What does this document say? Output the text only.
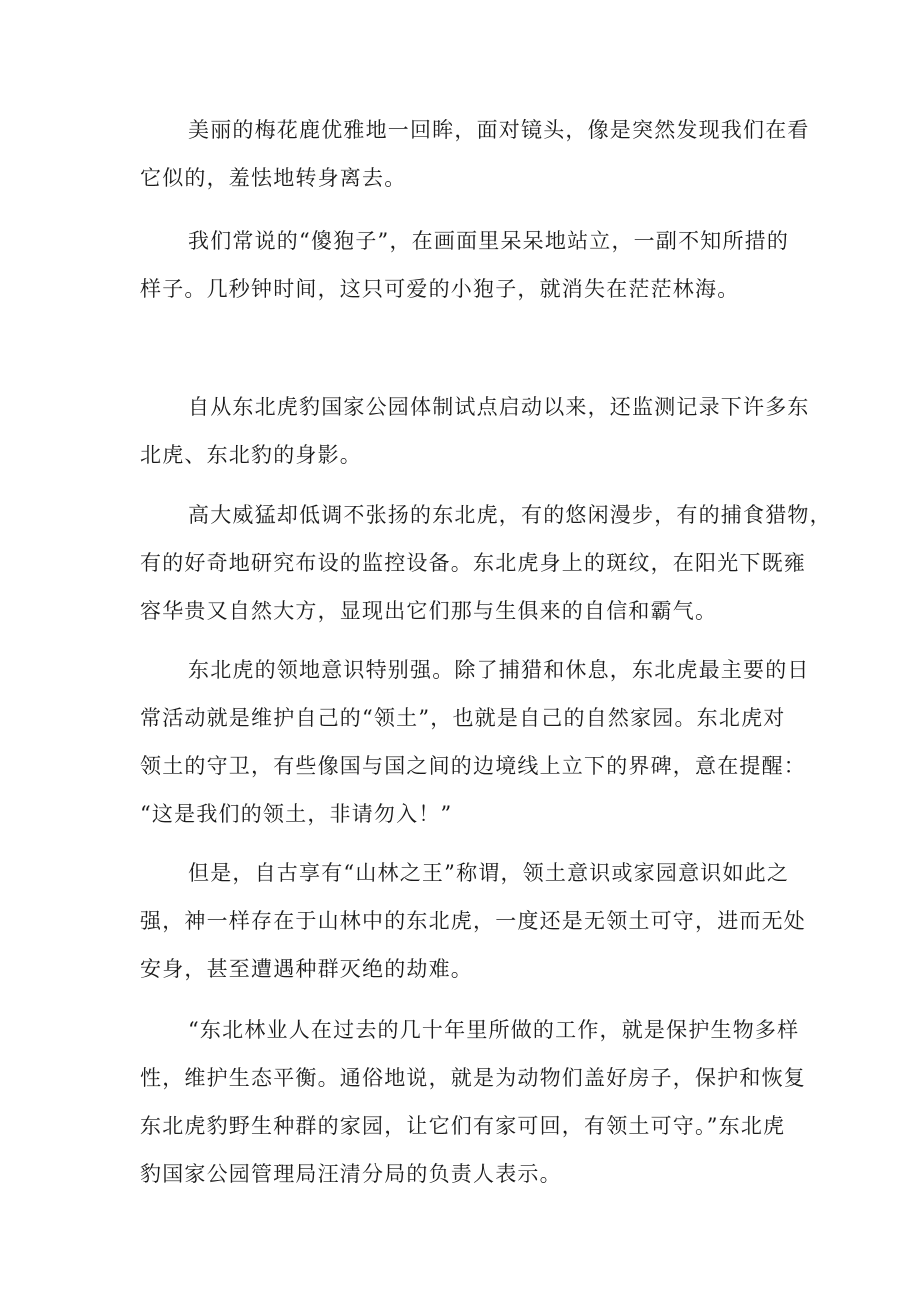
美丽的梅花鹿优雅地一回眸，面对镜头，像是突然发现我们在看
它似的，羞怯地转身离去。
我们常说的“傻狍子”，在画面里呆呆地站立，一副不知所措的
样子。几秒钟时间，这只可爱的小狍子，就消失在茫茫林海。
自从东北虎豹国家公园体制试点启动以来，还监测记录下许多东
北虎、东北豹的身影。
高大威猛却低调不张扬的东北虎，有的悠闲漫步，有的捕食猎物，
有的好奇地研究布设的监控设备。东北虎身上的斑纹，在阳光下既雍
容华贵又自然大方，显现出它们那与生俱来的自信和霸气。
东北虎的领地意识特别强。除了捕猎和休息，东北虎最主要的日
常活动就是维护自己的“领土”，也就是自己的自然家园。东北虎对
领土的守卫，有些像国与国之间的边境线上立下的界碑，意在提醒：
“这是我们的领土，非请勿入！”
但是，自古享有“山林之王”称谓，领土意识或家园意识如此之
强，神一样存在于山林中的东北虎，一度还是无领土可守，进而无处
安身，甚至遭遇种群灭绝的劫难。
“东北林业人在过去的几十年里所做的工作，就是保护生物多样
性，维护生态平衡。通俗地说，就是为动物们盖好房子，保护和恢复
东北虎豹野生种群的家园，让它们有家可回，有领土可守。”东北虎
豹国家公园管理局汪清分局的负责人表示。
